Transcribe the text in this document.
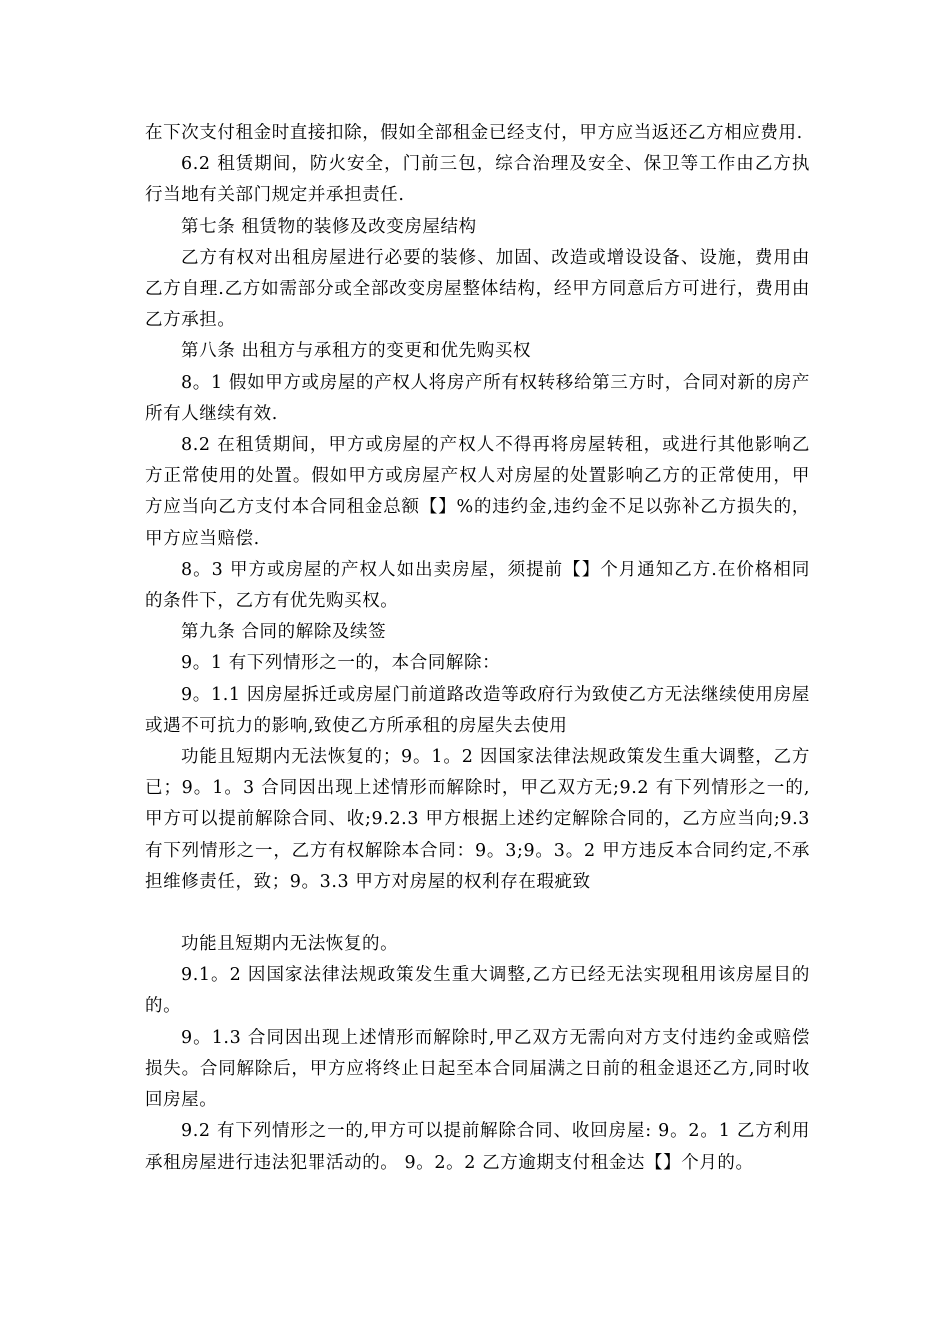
在下次支付租金时直接扣除，假如全部租金已经支付，甲方应当返还乙方相应费用.

6.2 租赁期间，防火安全，门前三包，综合治理及安全、保卫等工作由乙方执行当地有关部门规定并承担责任.

第七条 租赁物的装修及改变房屋结构

乙方有权对出租房屋进行必要的装修、加固、改造或增设设备、设施，费用由乙方自理.乙方如需部分或全部改变房屋整体结构，经甲方同意后方可进行，费用由乙方承担。

第八条 出租方与承租方的变更和优先购买权

8。1 假如甲方或房屋的产权人将房产所有权转移给第三方时，合同对新的房产所有人继续有效.

8.2 在租赁期间，甲方或房屋的产权人不得再将房屋转租，或进行其他影响乙方正常使用的处置。假如甲方或房屋产权人对房屋的处置影响乙方的正常使用，甲方应当向乙方支付本合同租金总额【】%的违约金,违约金不足以弥补乙方损失的，甲方应当赔偿.

8。3 甲方或房屋的产权人如出卖房屋，须提前【】个月通知乙方.在价格相同的条件下，乙方有优先购买权。

第九条 合同的解除及续签

9。1 有下列情形之一的，本合同解除：

9。1.1 因房屋拆迁或房屋门前道路改造等政府行为致使乙方无法继续使用房屋或遇不可抗力的影响,致使乙方所承租的房屋失去使用

功能且短期内无法恢复的；9。1。2 因国家法律法规政策发生重大调整，乙方已；9。1。3 合同因出现上述情形而解除时，甲乙双方无;9.2 有下列情形之一的,甲方可以提前解除合同、收;9.2.3 甲方根据上述约定解除合同的，乙方应当向;9.3 有下列情形之一，乙方有权解除本合同：9。3;9。3。2 甲方违反本合同约定,不承担维修责任，致；9。3.3 甲方对房屋的权利存在瑕疵致

功能且短期内无法恢复的。

9.1。2 因国家法律法规政策发生重大调整,乙方已经无法实现租用该房屋目的的。

9。1.3 合同因出现上述情形而解除时,甲乙双方无需向对方支付违约金或赔偿损失。合同解除后，甲方应将终止日起至本合同届满之日前的租金退还乙方,同时收回房屋。

9.2 有下列情形之一的,甲方可以提前解除合同、收回房屋: 9。2。1 乙方利用承租房屋进行违法犯罪活动的。 9。2。2 乙方逾期支付租金达【】个月的。
